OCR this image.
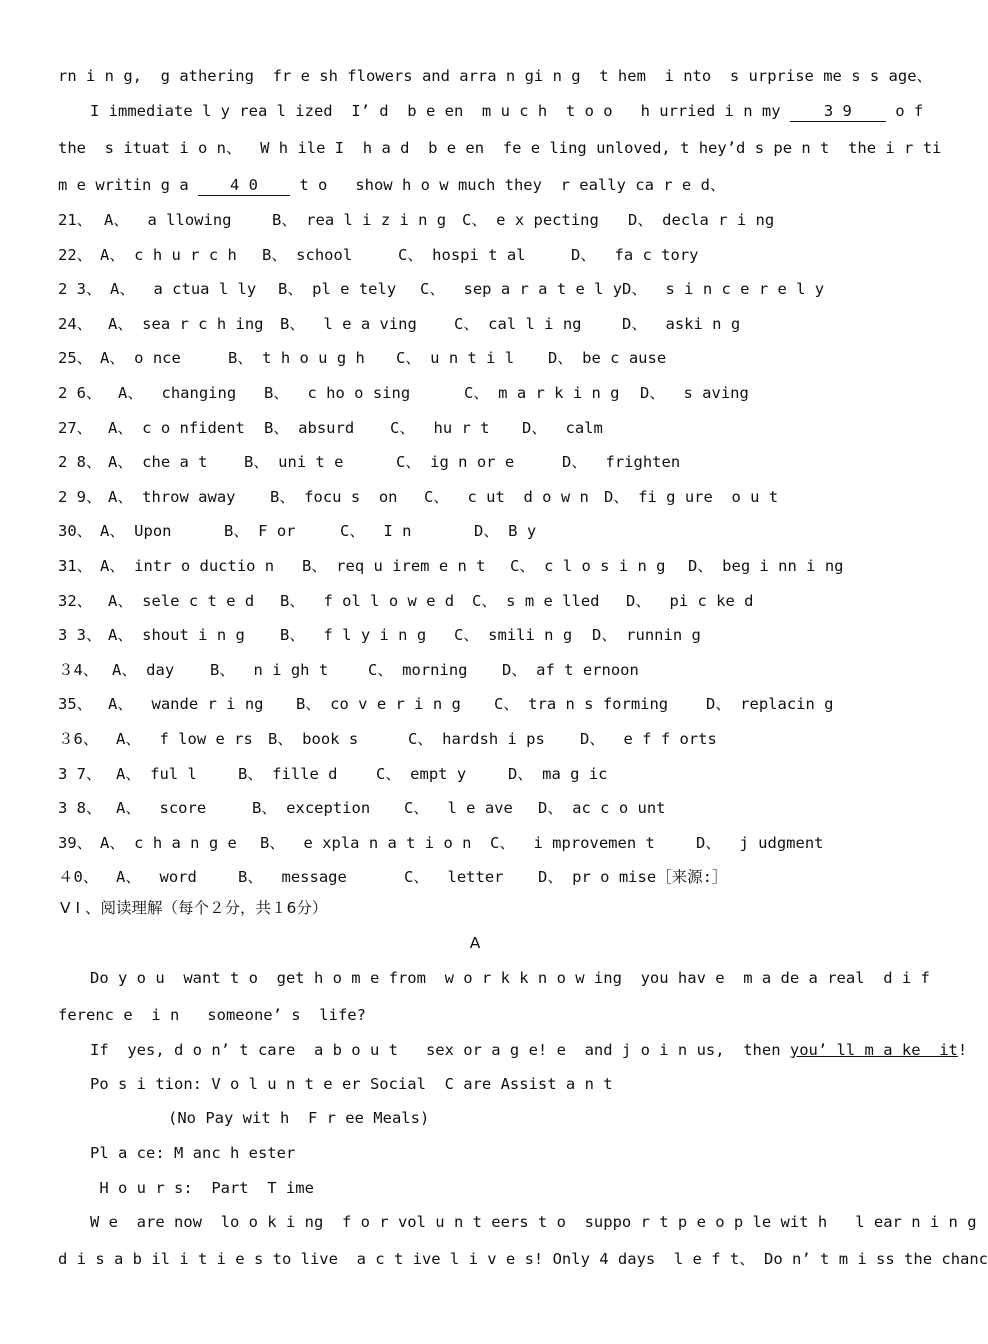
rn i n g,  g athering  fr e sh flowers and arra n gi n g  t hem  i nto  s urprise me s s age、
I immediate l y rea l ized  I’ d  b e en  m u c h  t o o   h urried i n my 3 9 o f
the  s ituat i o n、  W h ile I  h a d  b e en  fe e ling unloved, t hey’d s pe n t  the i r ti
m e writin g a 4 0 t o   show h o w much they  r eally ca r e d、
21、 A、  a llowing	B、 rea l i z i n g C、 e x pecting D、 decla r i ng
22、 A、 c h u r c h B、 school	C、 hospi t al	D、  fa c tory
2 3、 A、  a ctua l ly B、 pl e tely C、  sep a r a t e l y D、  s i n c e r e l y
24、 A、 sea r c h ing B、  l e a ving C、 cal l i ng	D、  aski n g
25、 A、 o nce	B、 t h o u g h C、 u n t i l D、 be c ause
2 6、 A、  changing B、  c ho o sing	C、 m a r k i n g D、  s aving
27、 A、 c o nfident B、 absurd C、  hu r t D、  calm
2 8、 A、 che a t B、 uni t e	C、 ig n or e	D、  frighten
2 9、 A、 throw away B、 focu s  on C、  c ut  d o w n D、 fi g ure  o u t
30、 A、 Upon	B、 F or	C、  I n	D、 B y
31、 A、 intr o ductio n B、 req u irem e n t C、 c l o s i n g D、 beg i nn i ng
32、 A、 sele c t e d B、  f ol l o w e d C、 s m e lled D、  pi c ke d
3 3、 A、 shout i n g B、  f l y i n g C、 smili n g D、 runnin g
３4、 A、 day B、  n i gh t	C、 morning D、 af t ernoon
35、 A、  wande r i ng B、 co v e r i n g C、 tra n s forming D、 replacin g
３6、 A、  f low e rs B、 book s	C、 hardsh i ps D、  e f f orts
3 7、 A、 ful l	B、 fille d C、 empt y	D、 ma g ic
3 8、 A、  score	B、 exception C、  l e ave D、 ac c o unt
39、 A、 c h a n g e B、  e xpla n a t i o n C、  i mprovemen t	D、  j udgment
４0、 A、  word	B、  message	C、  letter D、 pr o mise［来源:］
V I 、阅读理解（每个２分，共１6分）
A
Do y o u  want t o  get h o m e from  w o r k k n o w ing  you hav e  m a de a real  d i f
ferenc e  i n   someone’ s  life?
If  yes, d o n’ t care  a b o u t   sex or a g e! e  and j o i n us,  then you’ ll m a ke  it!
Po s i tion: V o l u n t e er Social  C are Assist a n t
(No Pay wit h  F r ee Meals)
Pl a ce: M anc h ester
H o u r s:  Part  T ime
W e  are now  lo o k i ng  f o r vol u n t eers t o  suppo r t p e o p le wit h   l ear n i n g
d i s a b il i t i e s to live  a c t ive l i v e s! Only 4 days  l e f t、 Do n’ t m i ss the chanc
